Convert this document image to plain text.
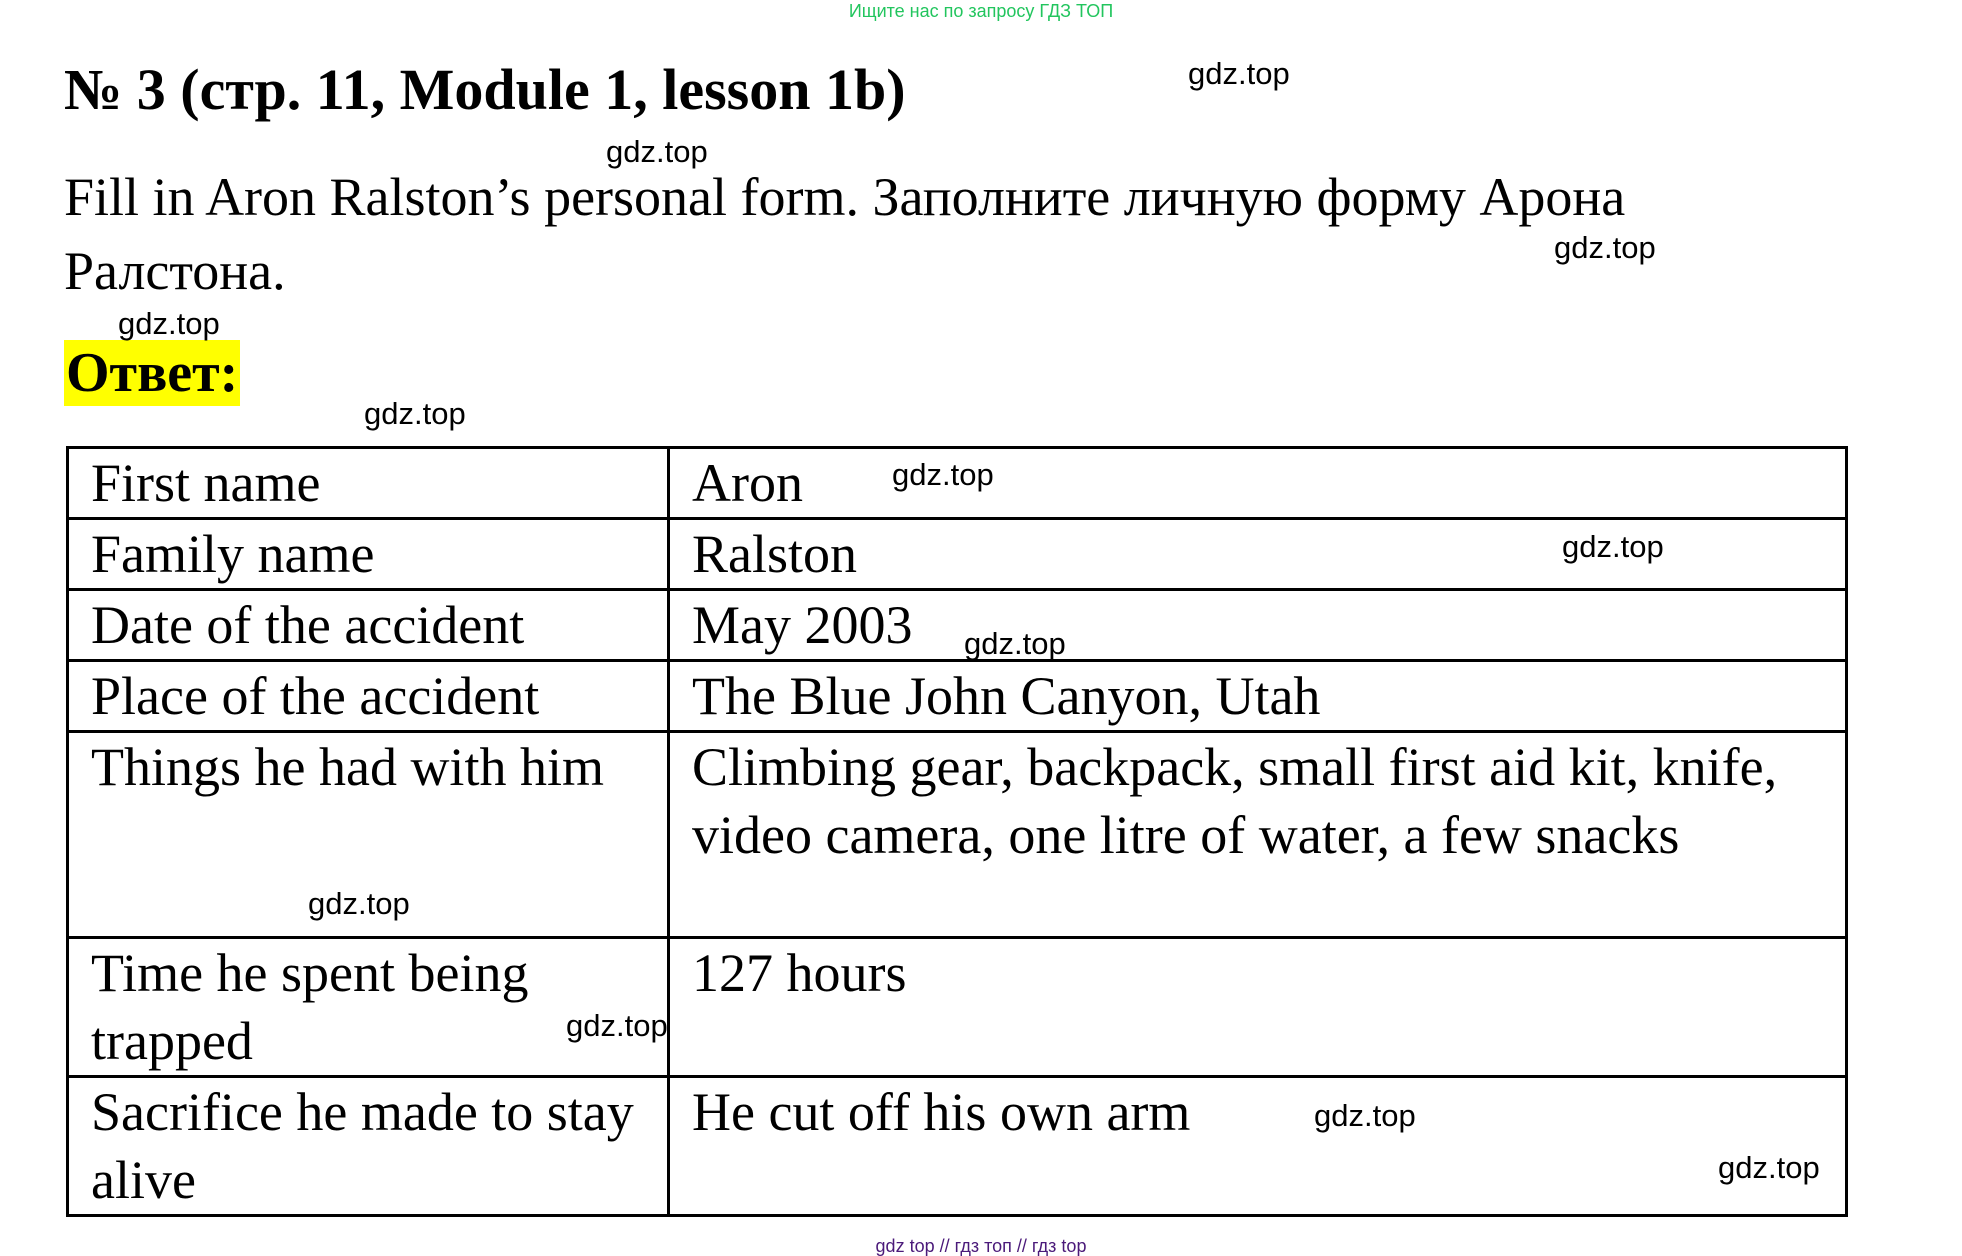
Ищите нас по запросу ГДЗ ТОП
№ 3 (стр. 11, Module 1, lesson 1b)

Fill in Aron Ralston’s personal form. Заполните личную форму Арона Ралстона.

Ответ:
First name	Aron
Family name	Ralston
Date of the accident	May 2003
Place of the accident	The Blue John Canyon, Utah
Things he had with him	Climbing gear, backpack, small first aid kit, knife, video camera, one litre of water, a few snacks
Time he spent being trapped	127 hours
Sacrifice he made to stay alive	He cut off his own arm
gdz.top
gdz.top
gdz.top
gdz.top
gdz.top
gdz.top
gdz.top
gdz.top
gdz.top
gdz.top
gdz.top
gdz.top
gdz top // гдз топ // гдз top
